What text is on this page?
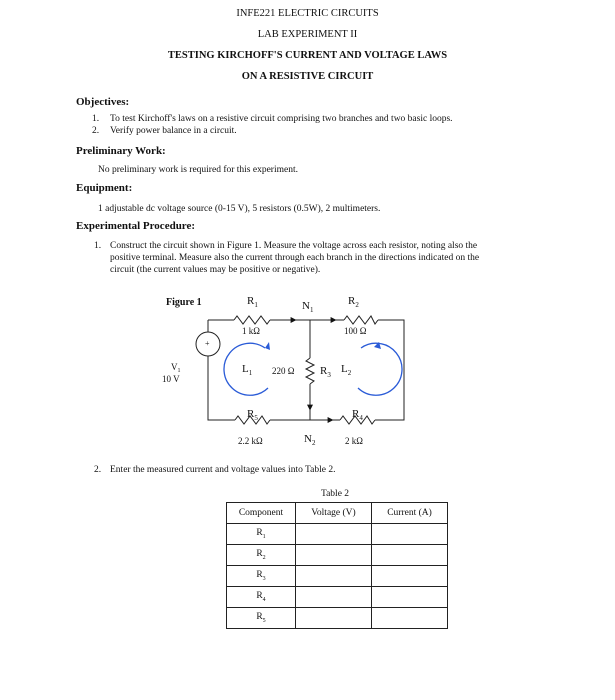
INFE221 ELECTRIC CIRCUITS
LAB EXPERIMENT II
TESTING KIRCHOFF'S CURRENT AND VOLTAGE LAWS
ON A RESISTIVE CIRCUIT
Objectives:
1. To test Kirchoff's laws on a resistive circuit comprising two branches and two basic loops.
2. Verify power balance in a circuit.
Preliminary Work:
No preliminary work is required for this experiment.
Equipment:
1 adjustable dc voltage source (0-15 V), 5 resistors (0.5W), 2 multimeters.
Experimental Procedure:
1. Construct the circuit shown in Figure 1. Measure the voltage across each resistor, noting also the
positive terminal. Measure also the current through each branch in the directions indicated on the
circuit (the current values may be positive or negative).
Figure 1
+
$R_1$
1 kΩ
$N_1$
$R_2$
100 Ω
$L_1$ 220 Ω $R_3$ $L_2$
$V_1$
10 V
$R_5$
2.2 kΩ	$N_2$
$R_4$
2 kΩ
2. Enter the measured current and voltage values into Table 2.
Table 2
Component	Voltage (V)	Current (A)
$R_1$		
$R_2$		
$R_3$		
$R_4$		
$R_5$		
